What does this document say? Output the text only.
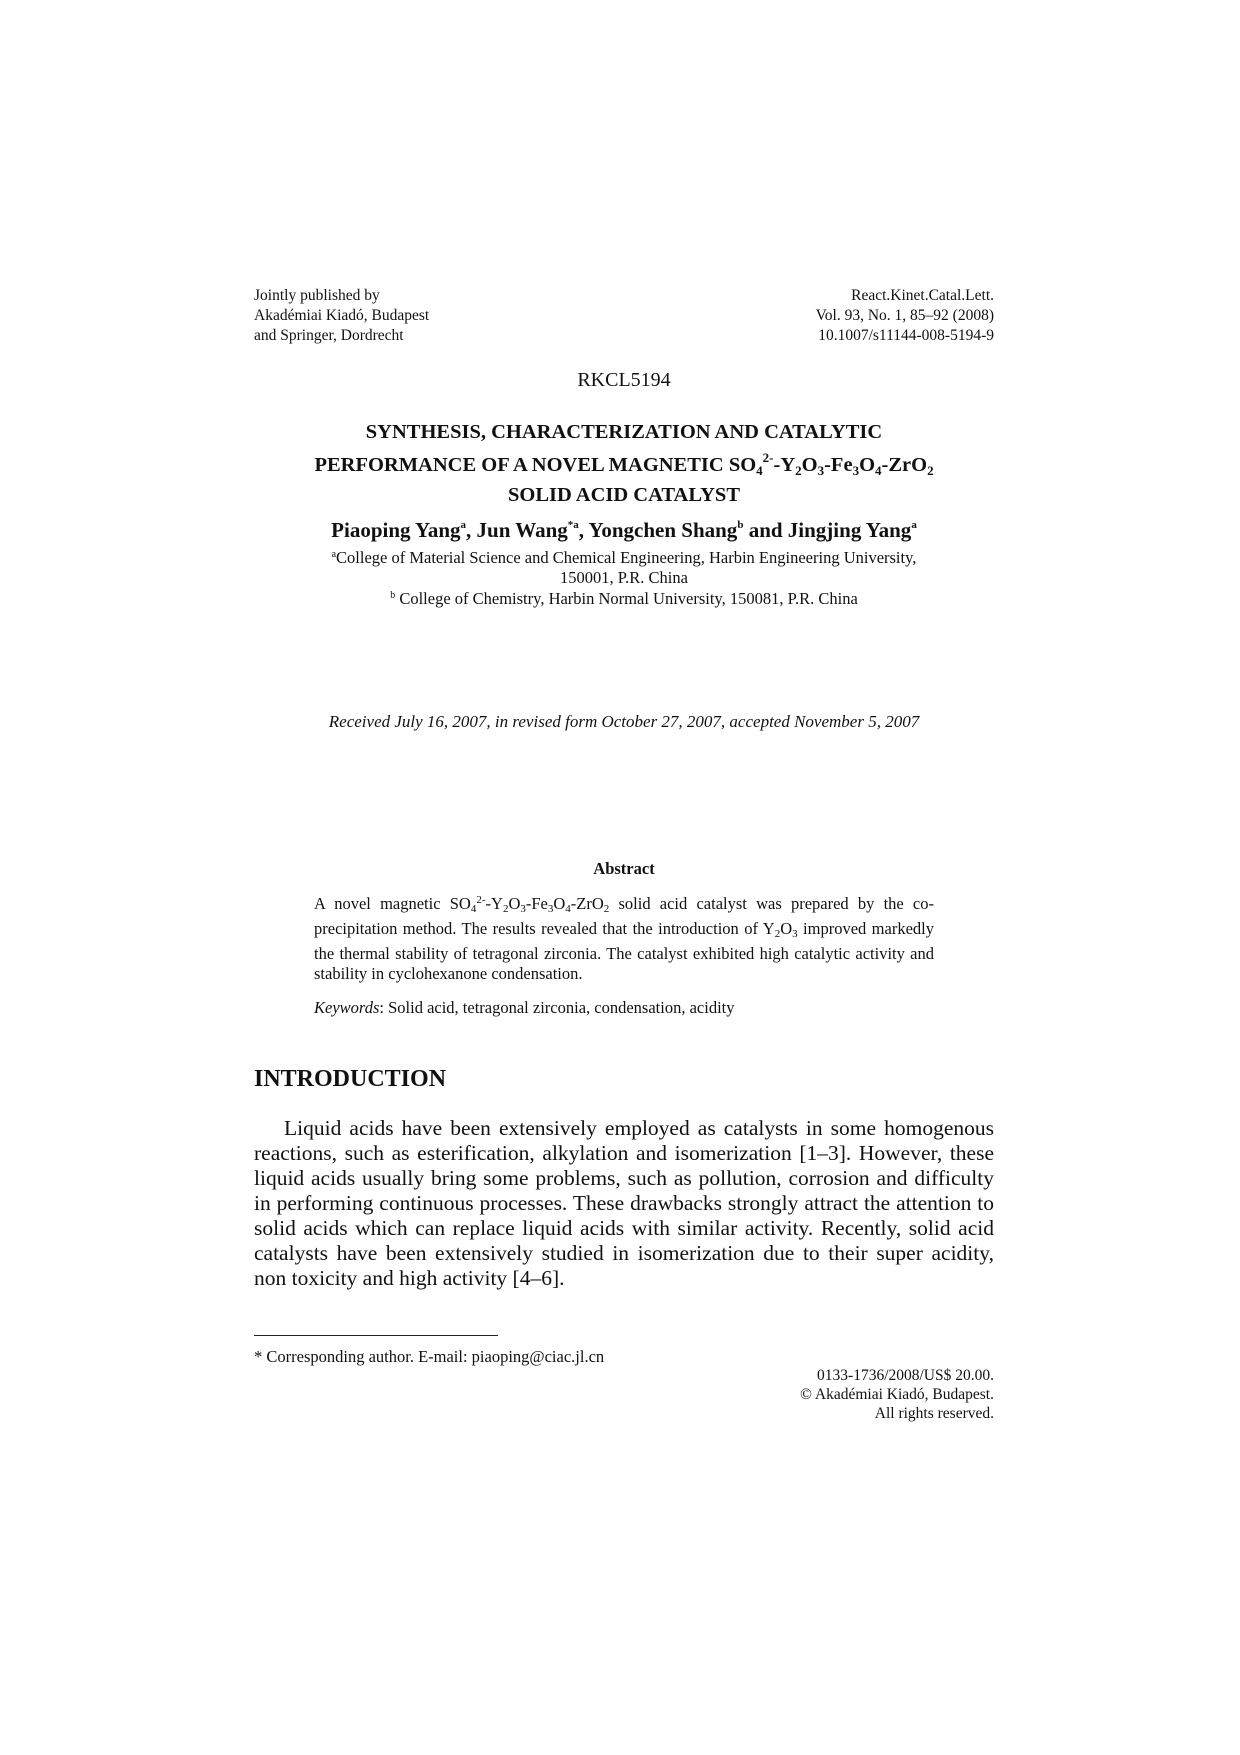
Jointly published by
Akadémiai Kiadó, Budapest
and Springer, Dordrecht
React.Kinet.Catal.Lett.
Vol. 93, No. 1, 85–92 (2008)
10.1007/s11144-008-5194-9
RKCL5194
SYNTHESIS, CHARACTERIZATION AND CATALYTIC
PERFORMANCE OF A NOVEL MAGNETIC $SO_4^{2-}-Y_2O_3-Fe_3O_4-ZrO_2$
SOLID ACID CATALYST
Piaoping Yang$^a$, Jun Wang$^{*a}$, Yongchen Shang$^b$ and Jingjing Yang$^a$
$^a$College of Material Science and Chemical Engineering, Harbin Engineering University,
150001, P.R. China
$^b$ College of Chemistry, Harbin Normal University, 150081, P.R. China
Received July 16, 2007, in revised form October 27, 2007, accepted November 5, 2007
Abstract
A novel magnetic $SO_4^{2-}-Y_2O_3-Fe_3O_4-ZrO_2$ solid acid catalyst was prepared by the co-precipitation method. The results revealed that the introduction of $Y_2O_3$ improved markedly the thermal stability of tetragonal zirconia. The catalyst exhibited high catalytic activity and stability in cyclohexanone condensation.
Keywords: Solid acid, tetragonal zirconia, condensation, acidity
INTRODUCTION
Liquid acids have been extensively employed as catalysts in some homogenous reactions, such as esterification, alkylation and isomerization [1–3]. However, these liquid acids usually bring some problems, such as pollution, corrosion and difficulty in performing continuous processes. These drawbacks strongly attract the attention to solid acids which can replace liquid acids with similar activity. Recently, solid acid catalysts have been extensively studied in isomerization due to their super acidity, non toxicity and high activity [4–6].
* Corresponding author. E-mail: piaoping@ciac.jl.cn
0133-1736/2008/US$ 20.00.
© Akadémiai Kiadó, Budapest.
All rights reserved.
